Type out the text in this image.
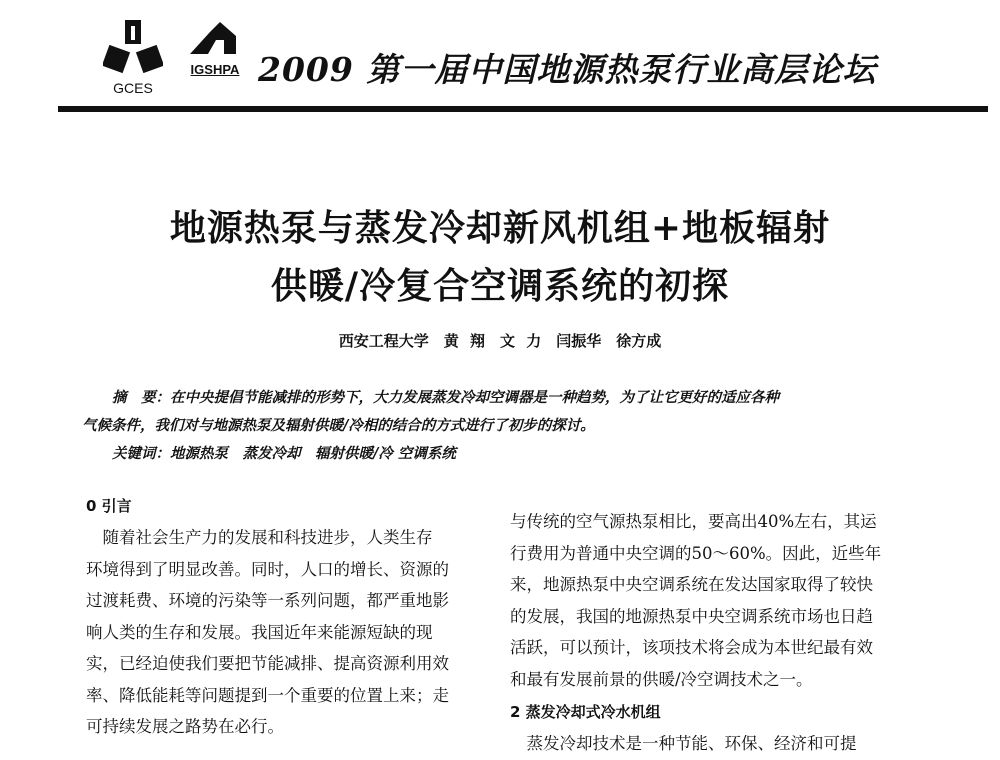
GCES
IGSHPA 2009 第一届中国地源热泵行业高层论坛
地源热泵与蒸发冷却新风机组+地板辐射
供暖/冷复合空调系统的初探
西安工程大学　黄 翔　文 力　闫振华　徐方成
摘　要：在中央提倡节能减排的形势下，大力发展蒸发冷却空调器是一种趋势，为了让它更好的适应各种
气候条件，我们对与地源热泵及辐射供暖/冷相的结合的方式进行了初步的探讨。
关键词：地源热泵　蒸发冷却　辐射供暖/冷 空调系统
0 引言
　随着社会生产力的发展和科技进步，人类生存
环境得到了明显改善。同时，人口的增长、资源的
过渡耗费、环境的污染等一系列问题，都严重地影
响人类的生存和发展。我国近年来能源短缺的现
实，已经迫使我们要把节能减排、提高资源利用效
率、降低能耗等问题提到一个重要的位置上来；走
可持续发展之路势在必行。
与传统的空气源热泵相比，要高出40%左右，其运
行费用为普通中央空调的50～60%。因此，近些年
来，地源热泵中央空调系统在发达国家取得了较快
的发展，我国的地源热泵中央空调系统市场也日趋
活跃，可以预计，该项技术将会成为本世纪最有效
和最有发展前景的供暖/冷空调技术之一。
2 蒸发冷却式冷水机组
　蒸发冷却技术是一种节能、环保、经济和可提
